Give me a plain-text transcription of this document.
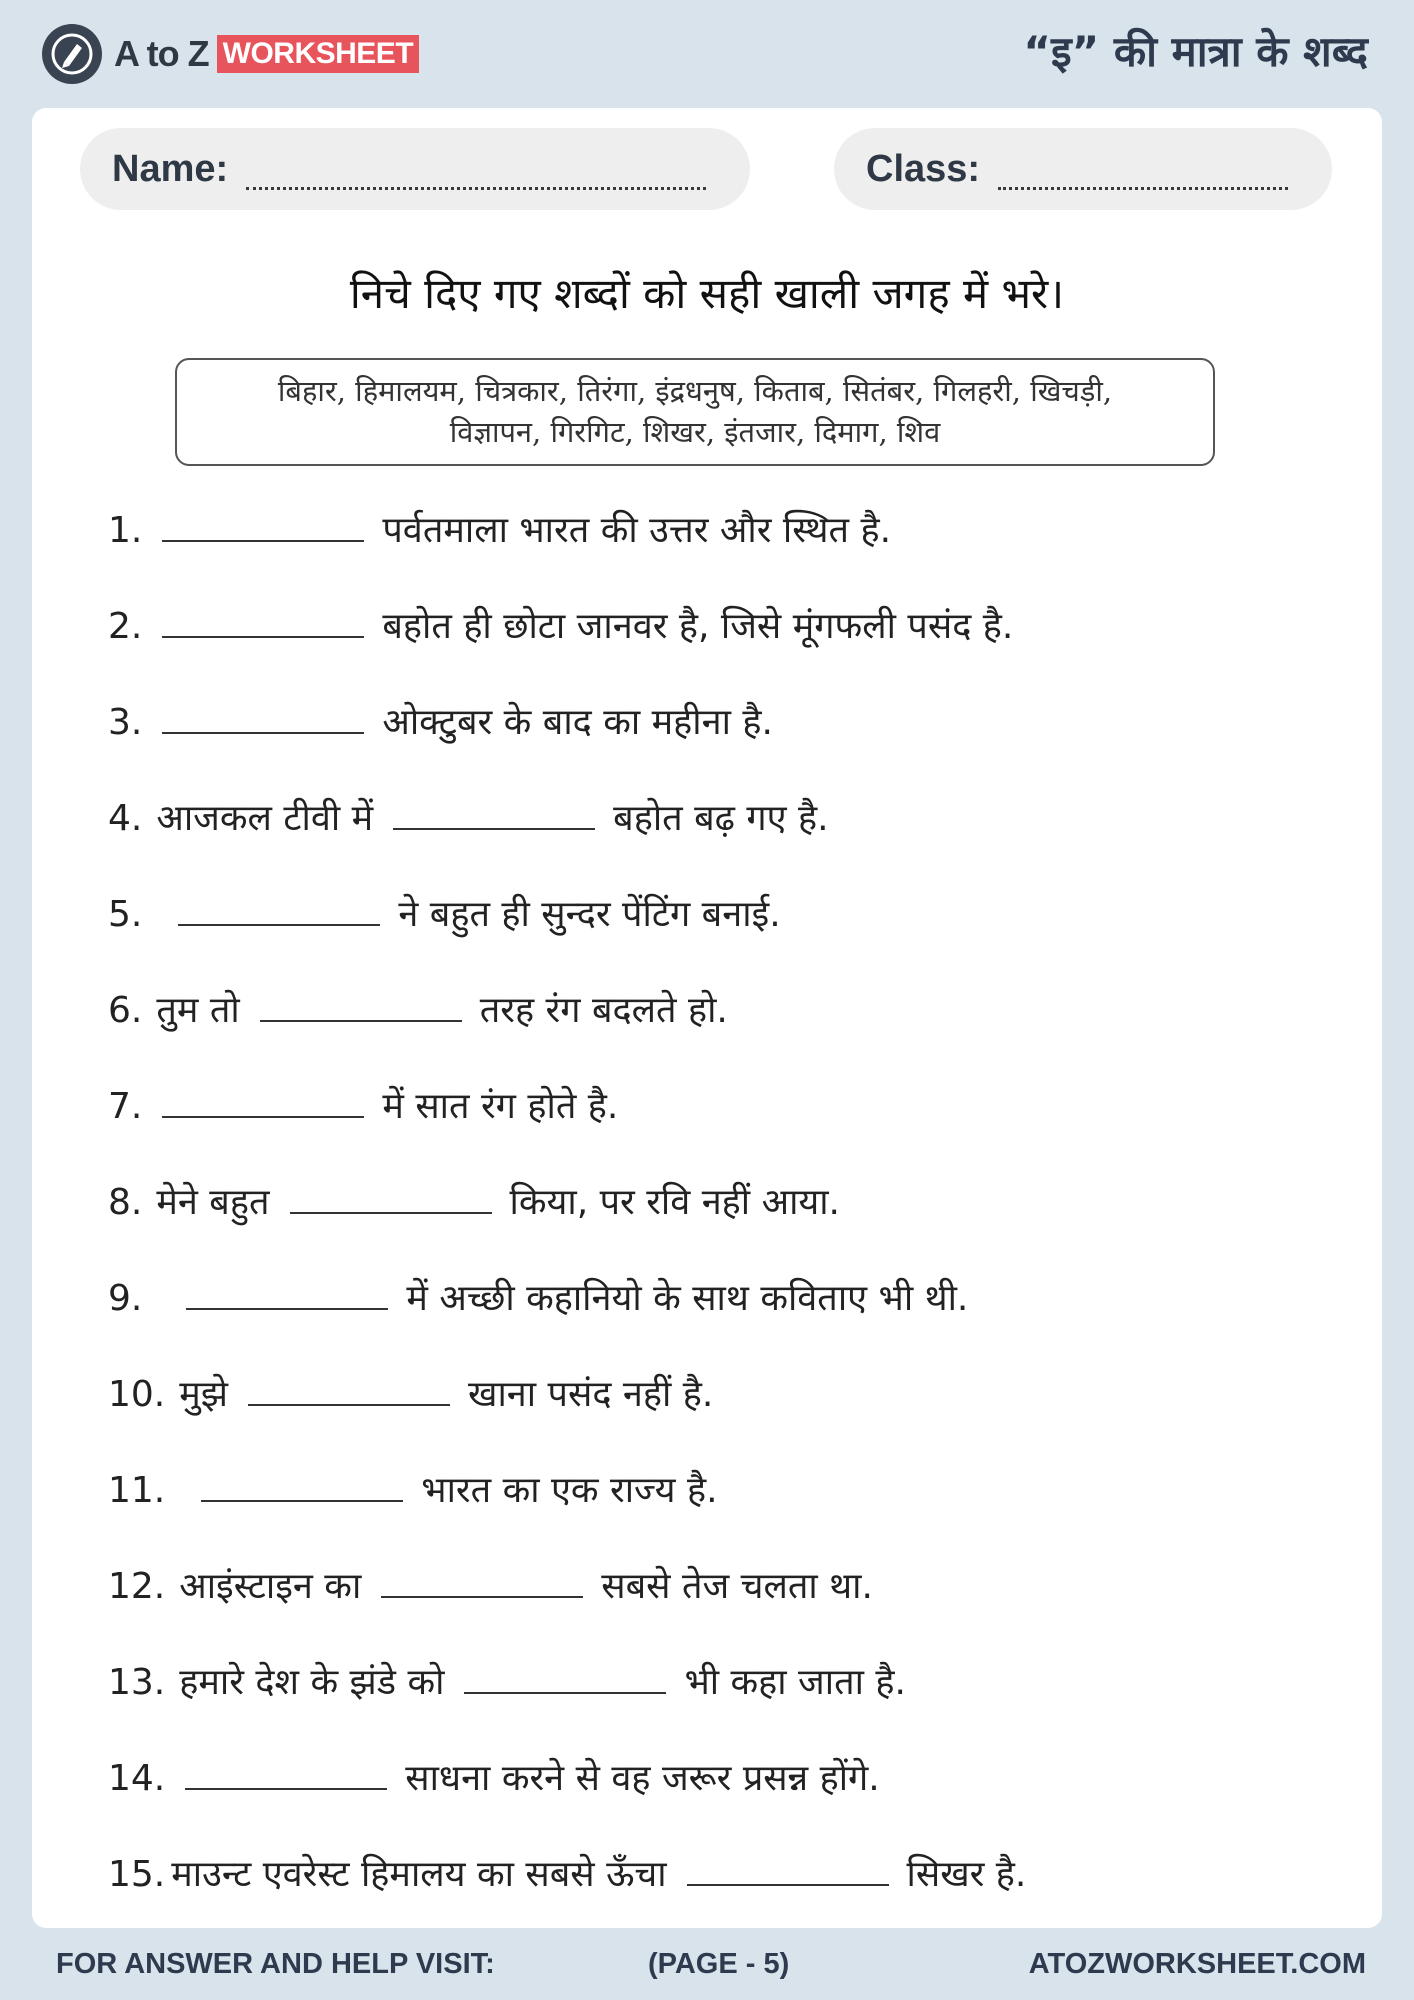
A to Z WORKSHEET	“इ” की मात्रा के शब्द
Name:	Class:
निचे दिए गए शब्दों को सही खाली जगह में भरे।
बिहार, हिमालयम, चित्रकार, तिरंगा, इंद्रधनुष, किताब, सितंबर, गिलहरी, खिचड़ी,
विज्ञापन, गिरगिट, शिखर, इंतजार, दिमाग, शिव
1.	पर्वतमाला भारत की उत्तर और स्थित है.
2.	बहोत ही छोटा जानवर है, जिसे मूंगफली पसंद है.
3.	ओक्टुबर के बाद का महीना है.
4. आजकल टीवी में	बहोत बढ़ गए है.
5.	ने बहुत ही सुन्दर पेंटिंग बनाई.
6. तुम तो	तरह रंग बदलते हो.
7.	में सात रंग होते है.
8. मेने बहुत	किया, पर रवि नहीं आया.
9.	में अच्छी कहानियो के साथ कविताए भी थी.
10. मुझे	खाना पसंद नहीं है.
11.	भारत का एक राज्य है.
12. आइंस्टाइन का	सबसे तेज चलता था.
13. हमारे देश के झंडे को	भी कहा जाता है.
14.	साधना करने से वह जरूर प्रसन्न होंगे.
15. माउन्ट एवरेस्ट हिमालय का सबसे ऊँचा	सिखर है.
FOR ANSWER AND HELP VISIT:	(PAGE - 5)	ATOZWORKSHEET.COM
